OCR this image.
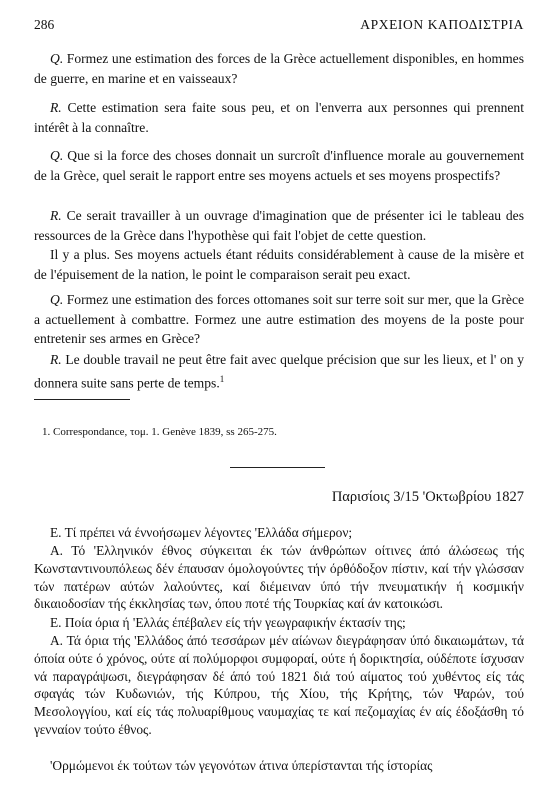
286	ΑΡΧΕΙΟΝ ΚΑΠΟΔΙΣΤΡΙΑ

Q. Formez une estimation des forces de la Grèce actuellement disponibles, en hommes de guerre, en marine et en vaisseaux?

R. Cette estimation sera faite sous peu, et on l'enverra aux personnes qui prennent intérêt à la connaître.

Q. Que si la force des choses donnait un surcroît d'influence morale au gouvernement de la Grèce, quel serait le rapport entre ses moyens actuels et ses moyens prospectifs?

R. Ce serait travailler à un ouvrage d'imagination que de présenter ici le tableau des ressources de la Grèce dans l'hypothèse qui fait l'objet de cette question.

Il y a plus. Ses moyens actuels étant réduits considérablement à cause de la misère et de l'épuisement de la nation, le point le comparaison serait peu exact.

Q. Formez une estimation des forces ottomanes soit sur terre soit sur mer, que la Grèce a actuellement à combattre. Formez une autre estimation des moyens de la poste pour entretenir ses armes en Grèce?

R. Le double travail ne peut être fait avec quelque précision que sur les lieux, et l' on y donnera suite sans perte de temps.$^1$

1. Correspondance, τομ. 1. Genève 1839, ss 265-275.
Παρισίοις 3/15 'Οκτωβρίου 1827

Ε. Τί πρέπει νά έννοήσωμεν λέγοντες 'Ελλάδα σήμερον;

Α. Τό 'Ελληνικόν έθνος σύγκειται έκ τών άνθρώπων οίτινες άπό άλώσεως τής Κωνσταντινουπόλεως δέν έπαυσαν όμολογούντες τήν όρθόδοξον πίστιν, καί τήν γλώσσαν τών πατέρων αύτών λαλούντες, καί διέμειναν ύπό τήν πνευματικήν ή κοσμικήν δικαιοδοσίαν τής έκκλησίας των, όπου ποτέ τής Τουρκίας καί άν κατοικώσι.

Ε. Ποία όρια ή 'Ελλάς έπέβαλεν είς τήν γεωγραφικήν έκτασίν της;

Α. Τά όρια τής 'Ελλάδος άπό τεσσάρων μέν αίώνων διεγράφησαν ύπό δικαιωμάτων, τά όποία ούτε ό χρόνος, ούτε αί πολύμορφοι συμφοραί, ούτε ή δορικτησία, ούδέποτε ίσχυσαν νά παραγράψωσι, διεγράφησαν δέ άπό τού 1821 διά τού αίματος τού χυθέντος είς τάς σφαγάς τών Κυδωνιών, τής Κύπρου, τής Χίου, τής Κρήτης, τών Ψαρών, τού Μεσολογγίου, καί είς τάς πολυαρίθμους ναυμαχίας τε καί πεζομαχίας έν αίς έδοξάσθη τό γενναίον τούτο έθνος.

'Ορμώμενοι έκ τούτων τών γεγονότων άτινα ύπερίστανται τής ίστορίας
